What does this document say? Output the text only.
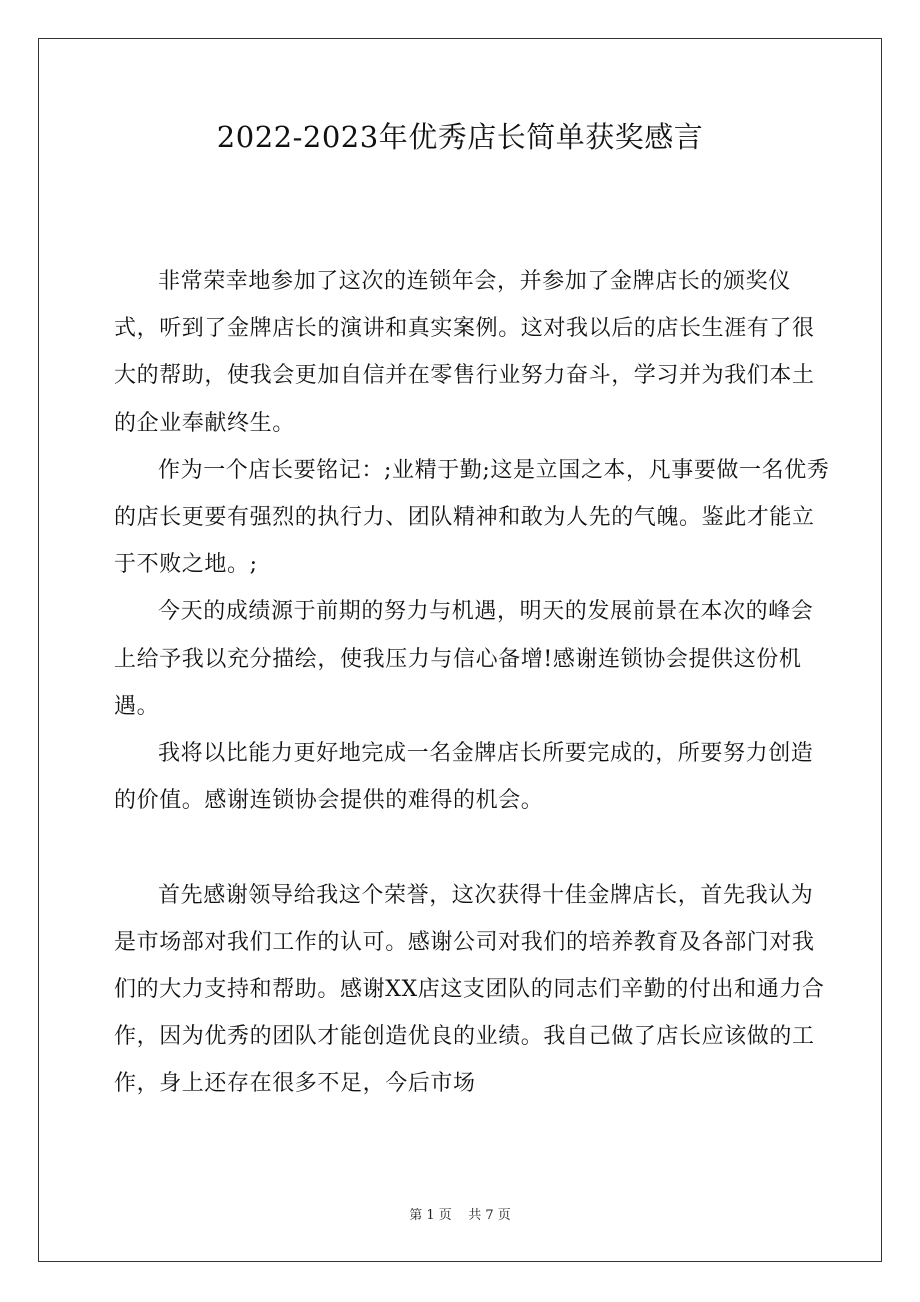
2022-2023年优秀店长简单获奖感言

非常荣幸地参加了这次的连锁年会，并参加了金牌店长的颁奖仪式，听到了金牌店长的演讲和真实案例。这对我以后的店长生涯有了很大的帮助，使我会更加自信并在零售行业努力奋斗，学习并为我们本土的企业奉献终生。

作为一个店长要铭记：;业精于勤;这是立国之本，凡事要做一名优秀的店长更要有强烈的执行力、团队精神和敢为人先的气魄。鉴此才能立于不败之地。;

今天的成绩源于前期的努力与机遇，明天的发展前景在本次的峰会上给予我以充分描绘，使我压力与信心备增!感谢连锁协会提供这份机遇。

我将以比能力更好地完成一名金牌店长所要完成的，所要努力创造的价值。感谢连锁协会提供的难得的机会。

首先感谢领导给我这个荣誉，这次获得十佳金牌店长，首先我认为是市场部对我们工作的认可。感谢公司对我们的培养教育及各部门对我们的大力支持和帮助。感谢XX店这支团队的同志们辛勤的付出和通力合作，因为优秀的团队才能创造优良的业绩。我自己做了店长应该做的工作，身上还存在很多不足，今后市场

第 1 页 共 7 页
